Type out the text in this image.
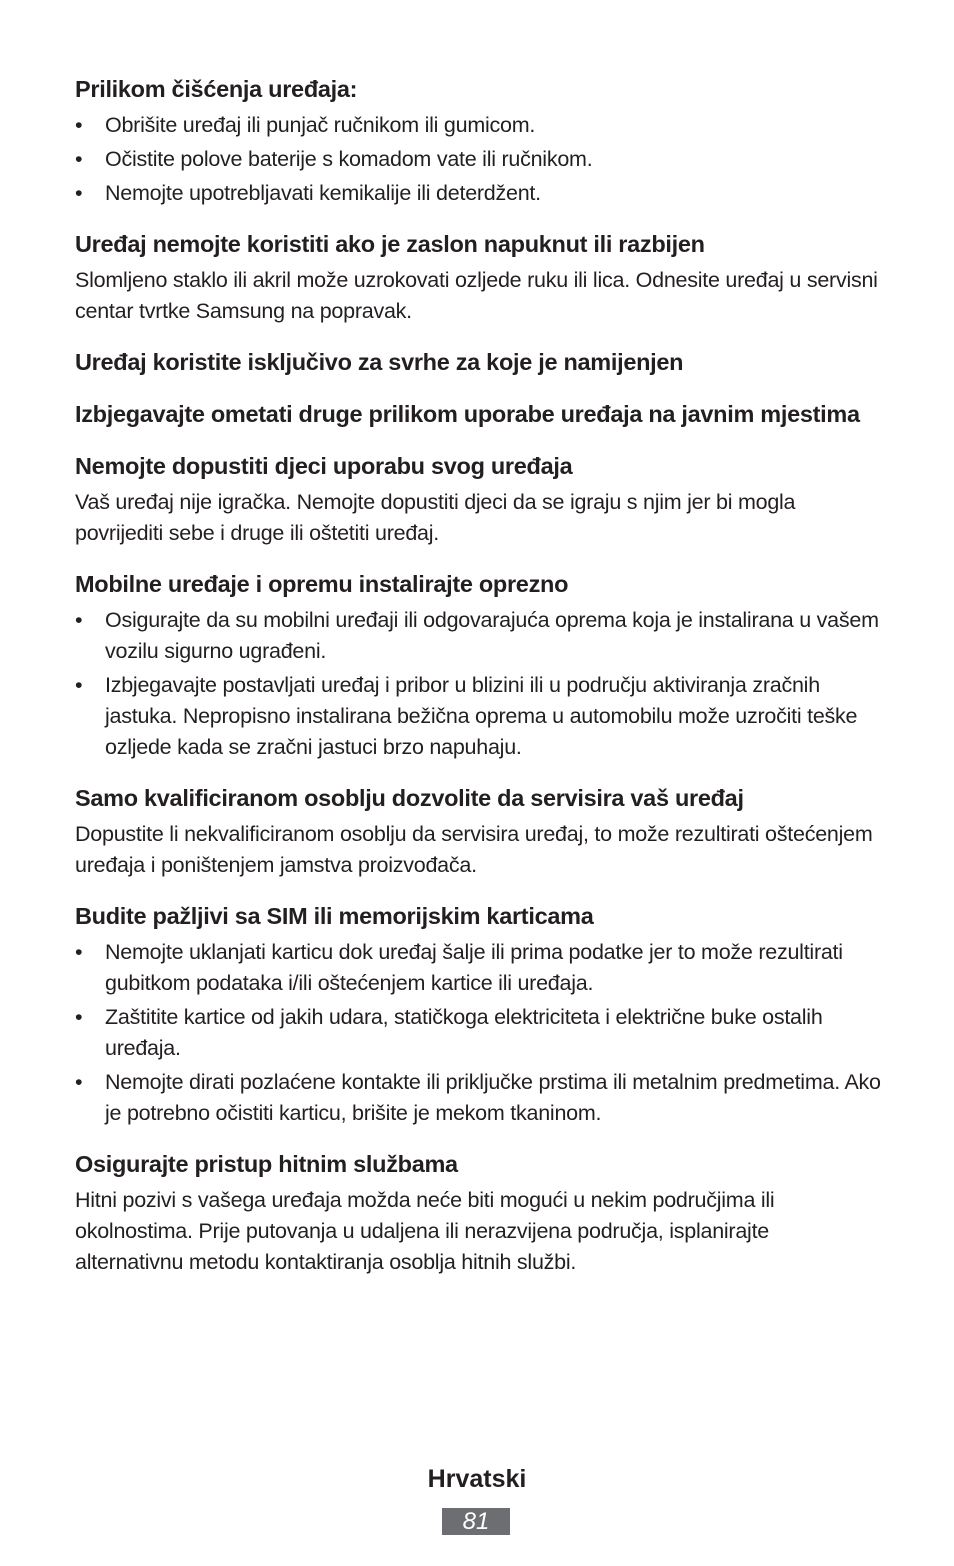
Prilikom čišćenja uređaja:
• Obrišite uređaj ili punjač ručnikom ili gumicom.
• Očistite polove baterije s komadom vate ili ručnikom.
• Nemojte upotrebljavati kemikalije ili deterdžent.
Uređaj nemojte koristiti ako je zaslon napuknut ili razbijen

Slomljeno staklo ili akril može uzrokovati ozljede ruku ili lica. Odnesite uređaj u servisni centar tvrtke Samsung na popravak.

Uređaj koristite isključivo za svrhe za koje je namijenjen
Izbjegavajte ometati druge prilikom uporabe uređaja na javnim mjestima
Nemojte dopustiti djeci uporabu svog uređaja

Vaš uređaj nije igračka. Nemojte dopustiti djeci da se igraju s njim jer bi mogla povrijediti sebe i druge ili oštetiti uređaj.

Mobilne uređaje i opremu instalirajte oprezno
• Osigurajte da su mobilni uređaji ili odgovarajuća oprema koja je instalirana u vašem vozilu sigurno ugrađeni.
• Izbjegavajte postavljati uređaj i pribor u blizini ili u području aktiviranja zračnih jastuka. Nepropisno instalirana bežična oprema u automobilu može uzročiti teške ozljede kada se zračni jastuci brzo napuhaju.
Samo kvalificiranom osoblju dozvolite da servisira vaš uređaj

Dopustite li nekvalificiranom osoblju da servisira uređaj, to može rezultirati oštećenjem uređaja i poništenjem jamstva proizvođača.

Budite pažljivi sa SIM ili memorijskim karticama
• Nemojte uklanjati karticu dok uređaj šalje ili prima podatke jer to može rezultirati gubitkom podataka i/ili oštećenjem kartice ili uređaja.
• Zaštitite kartice od jakih udara, statičkoga elektriciteta i električne buke ostalih uređaja.
• Nemojte dirati pozlaćene kontakte ili priključke prstima ili metalnim predmetima. Ako je potrebno očistiti karticu, brišite je mekom tkaninom.
Osigurajte pristup hitnim službama

Hitni pozivi s vašega uređaja možda neće biti mogući u nekim područjima ili okolnostima. Prije putovanja u udaljena ili nerazvijena područja, isplanirajte alternativnu metodu kontaktiranja osoblja hitnih službi.

Hrvatski
81
